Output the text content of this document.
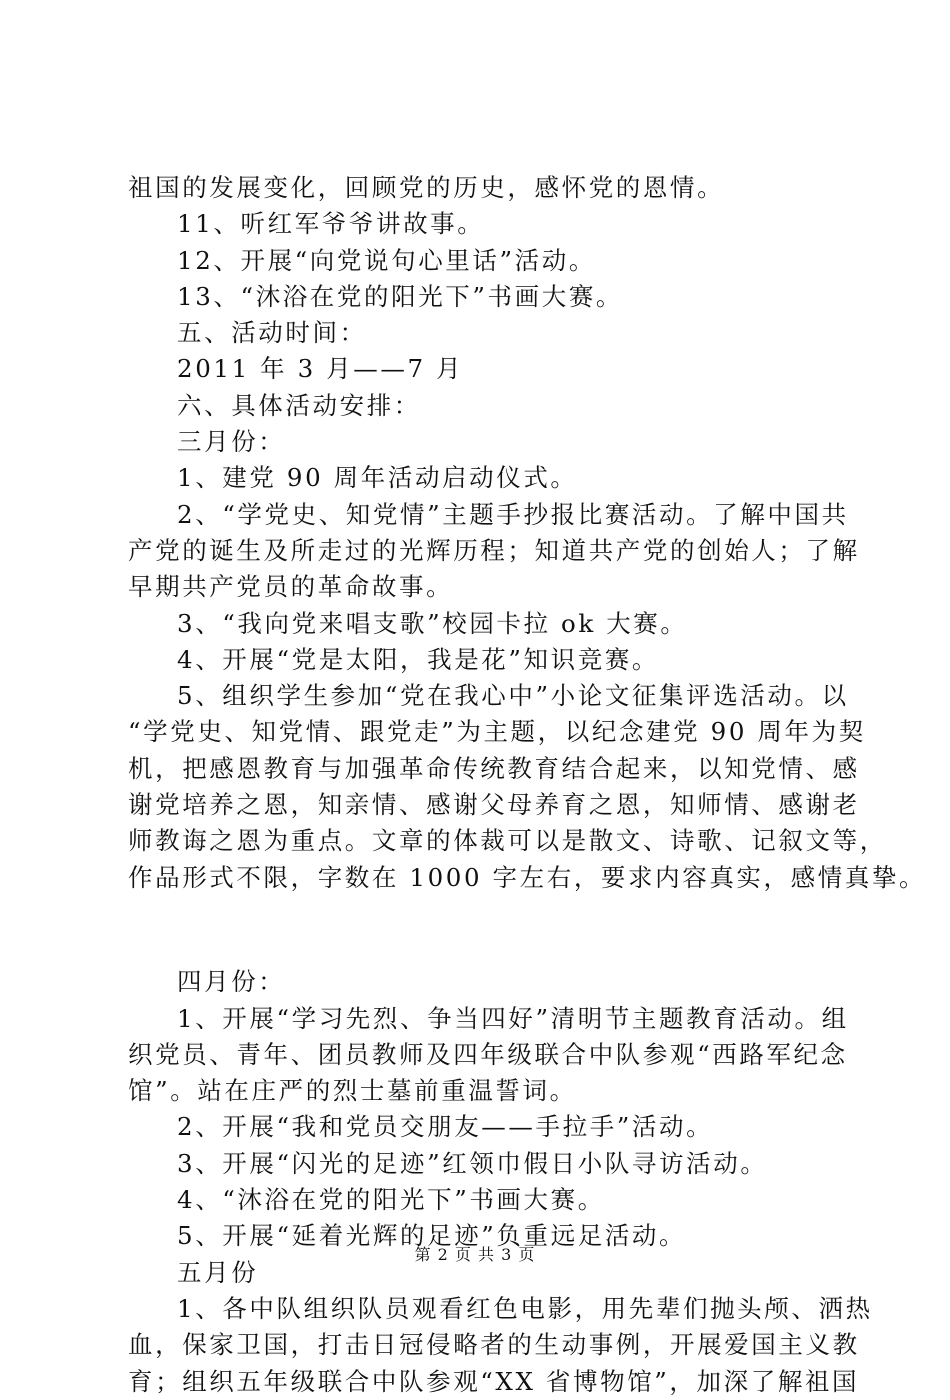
祖国的发展变化，回顾党的历史，感怀党的恩情。

11、听红军爷爷讲故事。

12、开展“向党说句心里话”活动。

13、“沐浴在党的阳光下”书画大赛。

五、活动时间：

2011 年 3 月——7 月

六、具体活动安排：

三月份：

1、建党 90 周年活动启动仪式。

2、“学党史、知党情”主题手抄报比赛活动。了解中国共

产党的诞生及所走过的光辉历程；知道共产党的创始人；了解

早期共产党员的革命故事。

3、“我向党来唱支歌”校园卡拉 ok 大赛。

4、开展“党是太阳，我是花”知识竞赛。

5、组织学生参加“党在我心中”小论文征集评选活动。以

“学党史、知党情、跟党走”为主题，以纪念建党 90 周年为契

机，把感恩教育与加强革命传统教育结合起来，以知党情、感

谢党培养之恩，知亲情、感谢父母养育之恩，知师情、感谢老

师教诲之恩为重点。文章的体裁可以是散文、诗歌、记叙文等，

作品形式不限，字数在 1000 字左右，要求内容真实，感情真挚。

四月份：

1、开展“学习先烈、争当四好”清明节主题教育活动。组

织党员、青年、团员教师及四年级联合中队参观“西路军纪念

馆”。站在庄严的烈士墓前重温誓词。

2、开展“我和党员交朋友——手拉手”活动。

3、开展“闪光的足迹”红领巾假日小队寻访活动。

4、“沐浴在党的阳光下”书画大赛。

5、开展“延着光辉的足迹”负重远足活动。

五月份

1、各中队组织队员观看红色电影，用先辈们抛头颅、洒热

血，保家卫国，打击日冠侵略者的生动事例，开展爱国主义教

育；组织五年级联合中队参观“XX 省博物馆”，加深了解祖国

第 2 页 共 3 页
